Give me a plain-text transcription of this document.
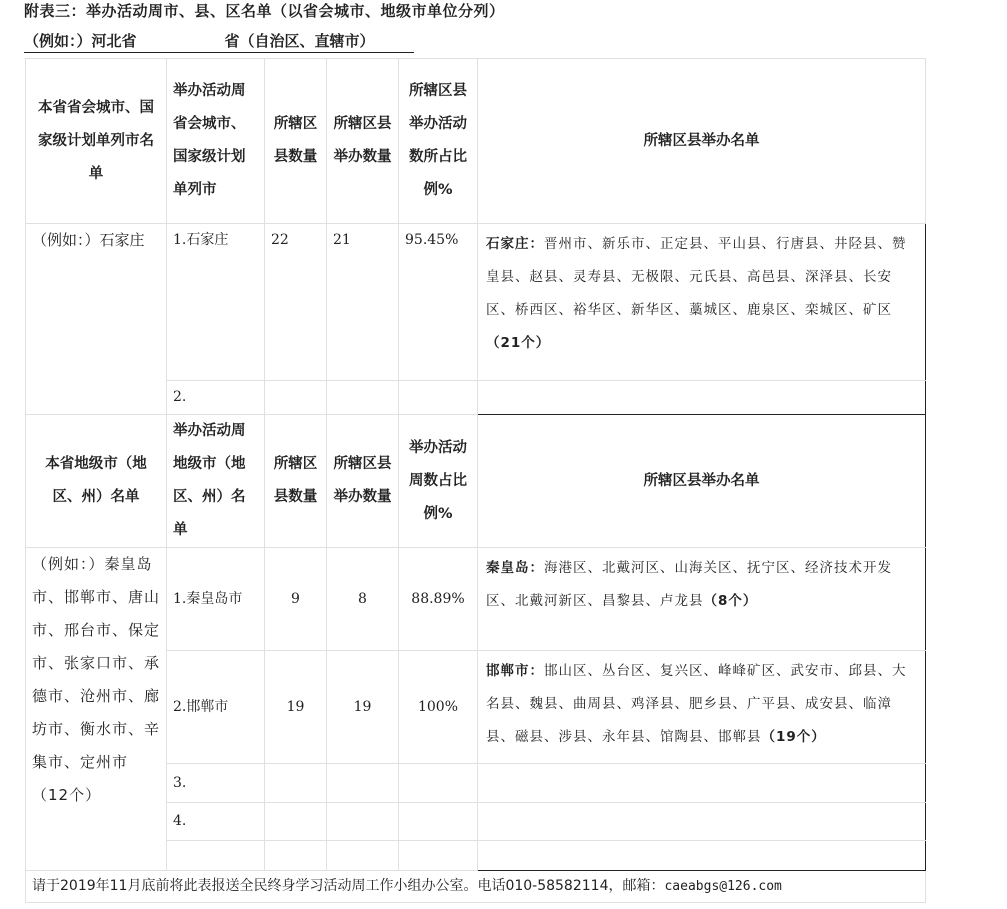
附表三：举办活动周市、县、区名单（以省会城市、地级市单位分列）
（例如：）河北省	省（自治区、直辖市）
本省省会城市、国家级计划单列市名单	举办活动周省会城市、国家级计划单列市	所辖区县数量	所辖区县举办数量	所辖区县举办活动数所占比例%	所辖区县举办名单
（例如：）石家庄	1.石家庄	22	21	95.45%	石家庄：晋州市、新乐市、正定县、平山县、行唐县、井陉县、赞皇县、赵县、灵寿县、无极限、元氏县、高邑县、深泽县、长安区、桥西区、裕华区、新华区、藁城区、鹿泉区、栾城区、矿区（21个）
	2.				
本省地级市（地区、州）名单	举办活动周地级市（地区、州）名单	所辖区县数量	所辖区县举办数量	举办活动周数占比例%	所辖区县举办名单
（例如：）秦皇岛市、邯郸市、唐山市、邢台市、保定市、张家口市、承德市、沧州市、廊坊市、衡水市、辛集市、定州市（12个）	1.秦皇岛市	9	8	88.89%	秦皇岛：海港区、北戴河区、山海关区、抚宁区、经济技术开发区、北戴河新区、昌黎县、卢龙县（8个）
	2.邯郸市	19	19	100%	邯郸市：邯山区、丛台区、复兴区、峰峰矿区、武安市、邱县、大名县、魏县、曲周县、鸡泽县、肥乡县、广平县、成安县、临漳县、磁县、涉县、永年县、馆陶县、邯郸县（19个）
	3.				
	4.				

请于2019年11月底前将此表报送全民终身学习活动周工作小组办公室。电话010-58582114，邮箱：caeabgs@126.com					
